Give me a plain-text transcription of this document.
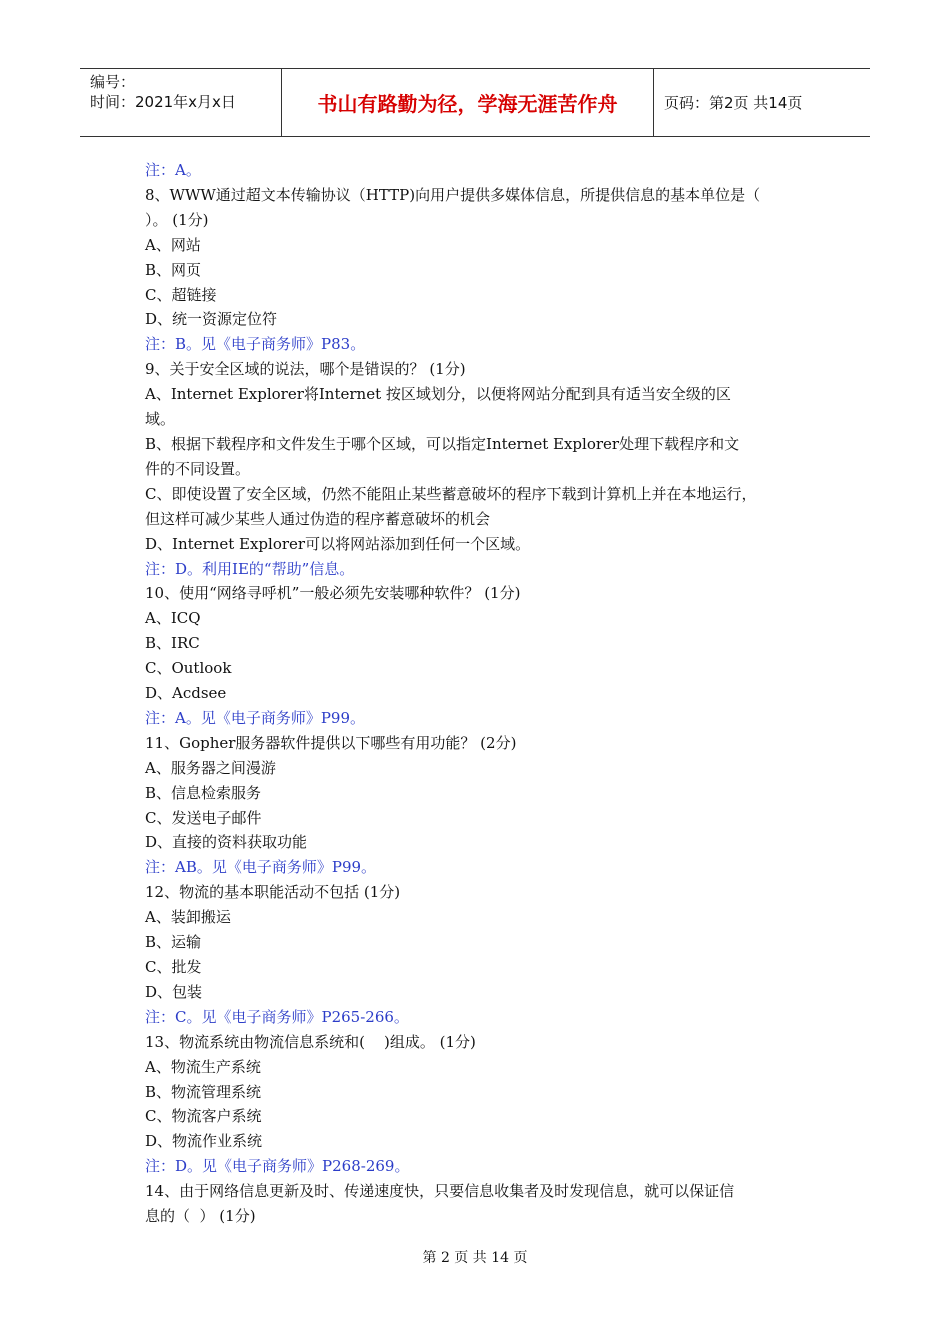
编号：
时间：2021年x月x日	书山有路勤为径，学海无涯苦作舟	页码：第2页 共14页
注：A。
8、WWW通过超文本传输协议（HTTP)向用户提供多媒体信息，所提供信息的基本单位是（
）。 (1分)
A、网站
B、网页
C、超链接
D、统一资源定位符
注：B。见《电子商务师》P83。
9、关于安全区域的说法，哪个是错误的？ (1分)
A、Internet Explorer将Internet 按区域划分，以便将网站分配到具有适当安全级的区
域。
B、根据下载程序和文件发生于哪个区域，可以指定Internet Explorer处理下载程序和文
件的不同设置。
C、即使设置了安全区域，仍然不能阻止某些蓄意破坏的程序下载到计算机上并在本地运行，
但这样可减少某些人通过伪造的程序蓄意破坏的机会
D、Internet Explorer可以将网站添加到任何一个区域。
注：D。利用IE的“帮助”信息。
10、使用“网络寻呼机”一般必须先安装哪种软件？ (1分)
A、ICQ
B、IRC
C、Outlook
D、Acdsee
注：A。见《电子商务师》P99。
11、Gopher服务器软件提供以下哪些有用功能？ (2分)
A、服务器之间漫游
B、信息检索服务
C、发送电子邮件
D、直接的资料获取功能
注：AB。见《电子商务师》P99。
12、物流的基本职能活动不包括 (1分)
A、装卸搬运
B、运输
C、批发
D、包装
注：C。见《电子商务师》P265-266。
13、物流系统由物流信息系统和(    )组成。 (1分)
A、物流生产系统
B、物流管理系统
C、物流客户系统
D、物流作业系统
注：D。见《电子商务师》P268-269。
14、由于网络信息更新及时、传递速度快，只要信息收集者及时发现信息，就可以保证信
息的（  ） (1分)
第 2 页 共 14 页
